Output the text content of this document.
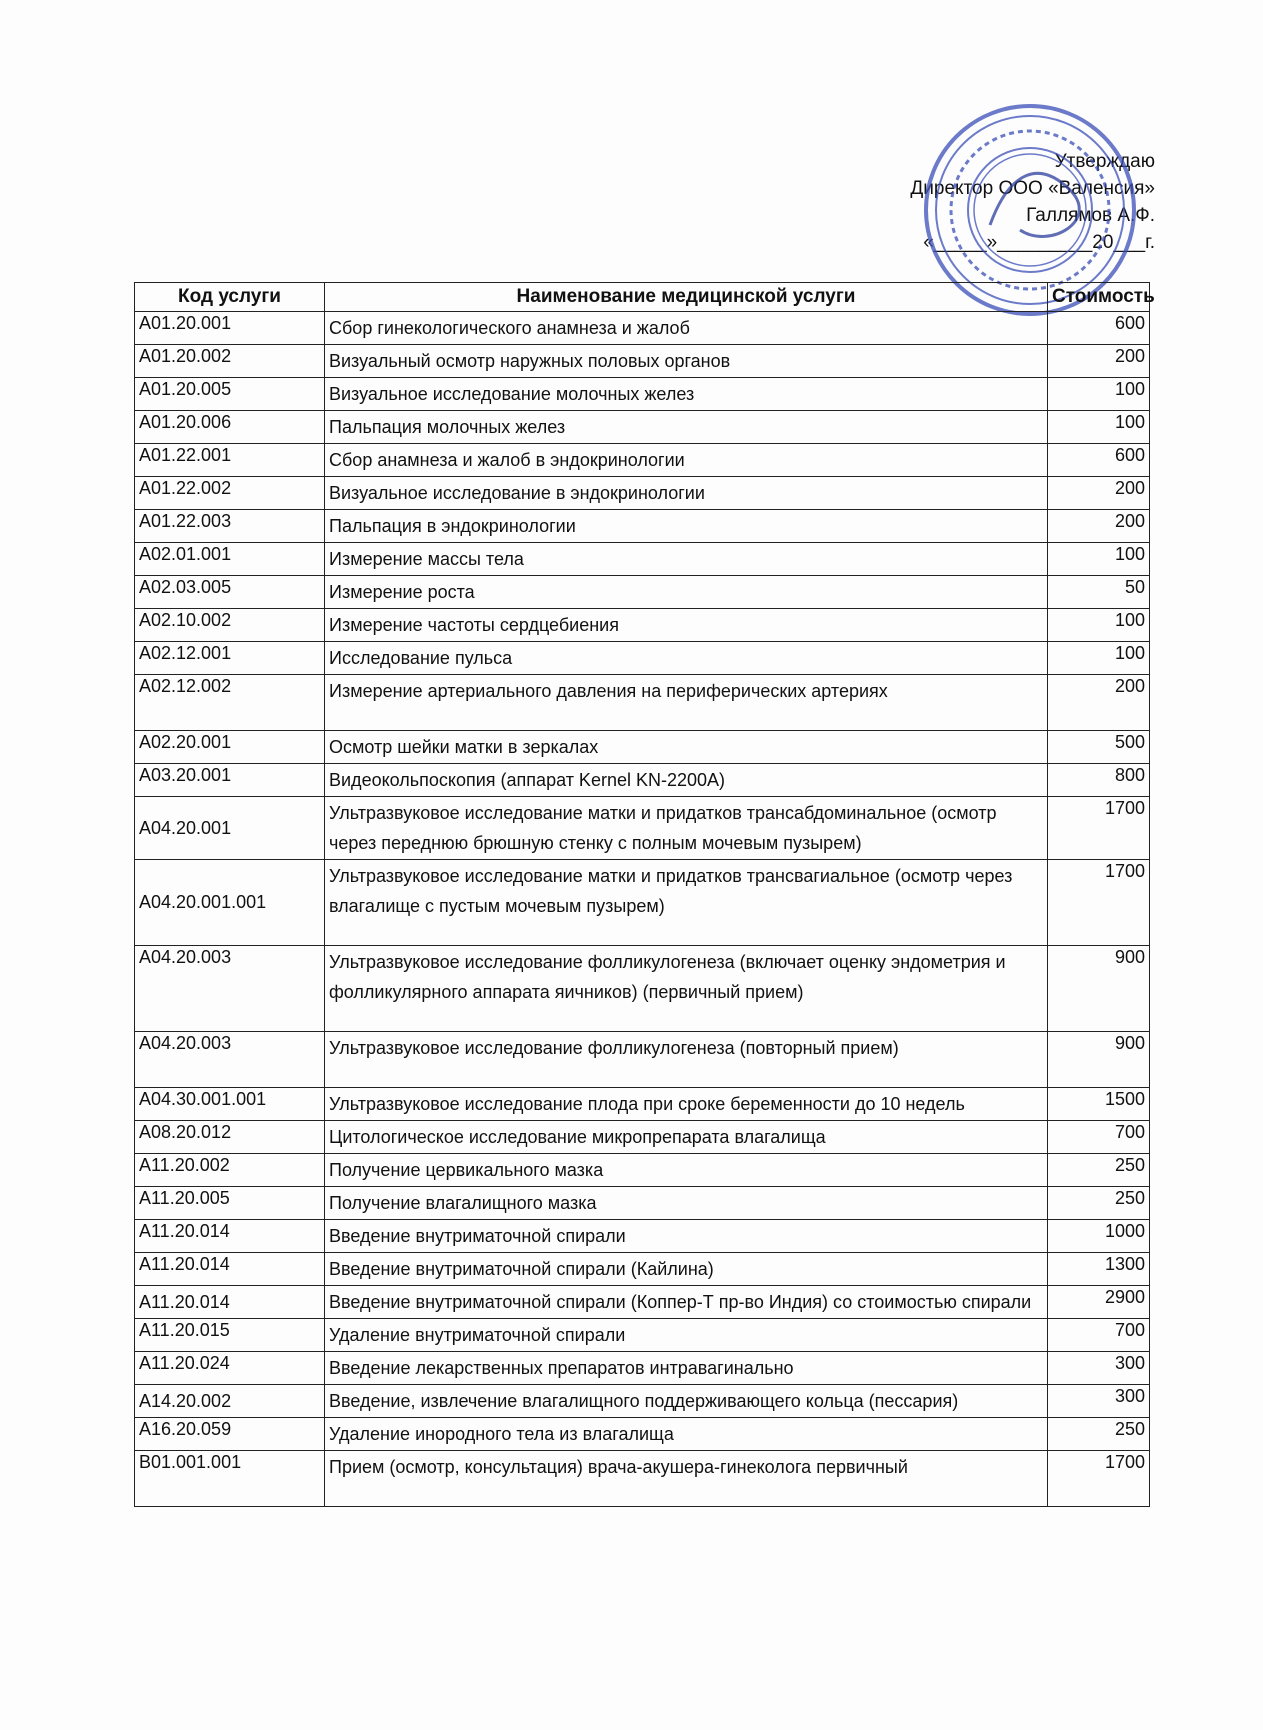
Утверждаю
Директор ООО «Валенсия»
Галлямов А.Ф.
«_____»_________20___г.
Код услуги	Наименование медицинской услуги	Стоимость
A01.20.001	Сбор гинекологического анамнеза и жалоб	600
A01.20.002	Визуальный осмотр наружных половых органов	200
A01.20.005	Визуальное исследование молочных желез	100
A01.20.006	Пальпация молочных желез	100
A01.22.001	Сбор анамнеза и жалоб в эндокринологии	600
A01.22.002	Визуальное исследование в эндокринологии	200
A01.22.003	Пальпация в эндокринологии	200
A02.01.001	Измерение массы тела	100
A02.03.005	Измерение роста	50
A02.10.002	Измерение частоты сердцебиения	100
A02.12.001	Исследование пульса	100
A02.12.002	Измерение артериального давления на периферических артериях	200
A02.20.001	Осмотр шейки матки в зеркалах	500
A03.20.001	Видеокольпоскопия (аппарат Kernel KN-2200A)	800
A04.20.001	Ультразвуковое исследование матки и придатков трансабдоминальное (осмотр через переднюю брюшную стенку с полным мочевым пузырем)	1700
A04.20.001.001	Ультразвуковое исследование матки и придатков трансвагиальное (осмотр через влагалище с пустым мочевым пузырем)	1700
A04.20.003	Ультразвуковое исследование фолликулогенеза (включает оценку эндометрия и фолликулярного аппарата яичников) (первичный прием)	900
A04.20.003	Ультразвуковое исследование фолликулогенеза (повторный прием)	900
A04.30.001.001	Ультразвуковое исследование плода при сроке беременности до 10 недель	1500
A08.20.012	Цитологическое исследование микропрепарата влагалища	700
A11.20.002	Получение цервикального мазка	250
A11.20.005	Получение влагалищного мазка	250
A11.20.014	Введение внутриматочной спирали	1000
A11.20.014	Введение внутриматочной спирали (Кайлина)	1300
A11.20.014	Введение внутриматочной спирали (Коппер-Т пр-во Индия) со стоимостью спирали	2900
A11.20.015	Удаление внутриматочной спирали	700
A11.20.024	Введение лекарственных препаратов интравагинально	300
A14.20.002	Введение, извлечение влагалищного поддерживающего кольца (пессария)	300
A16.20.059	Удаление инородного тела из влагалища	250
B01.001.001	Прием (осмотр, консультация) врача-акушера-гинеколога первичный	1700
